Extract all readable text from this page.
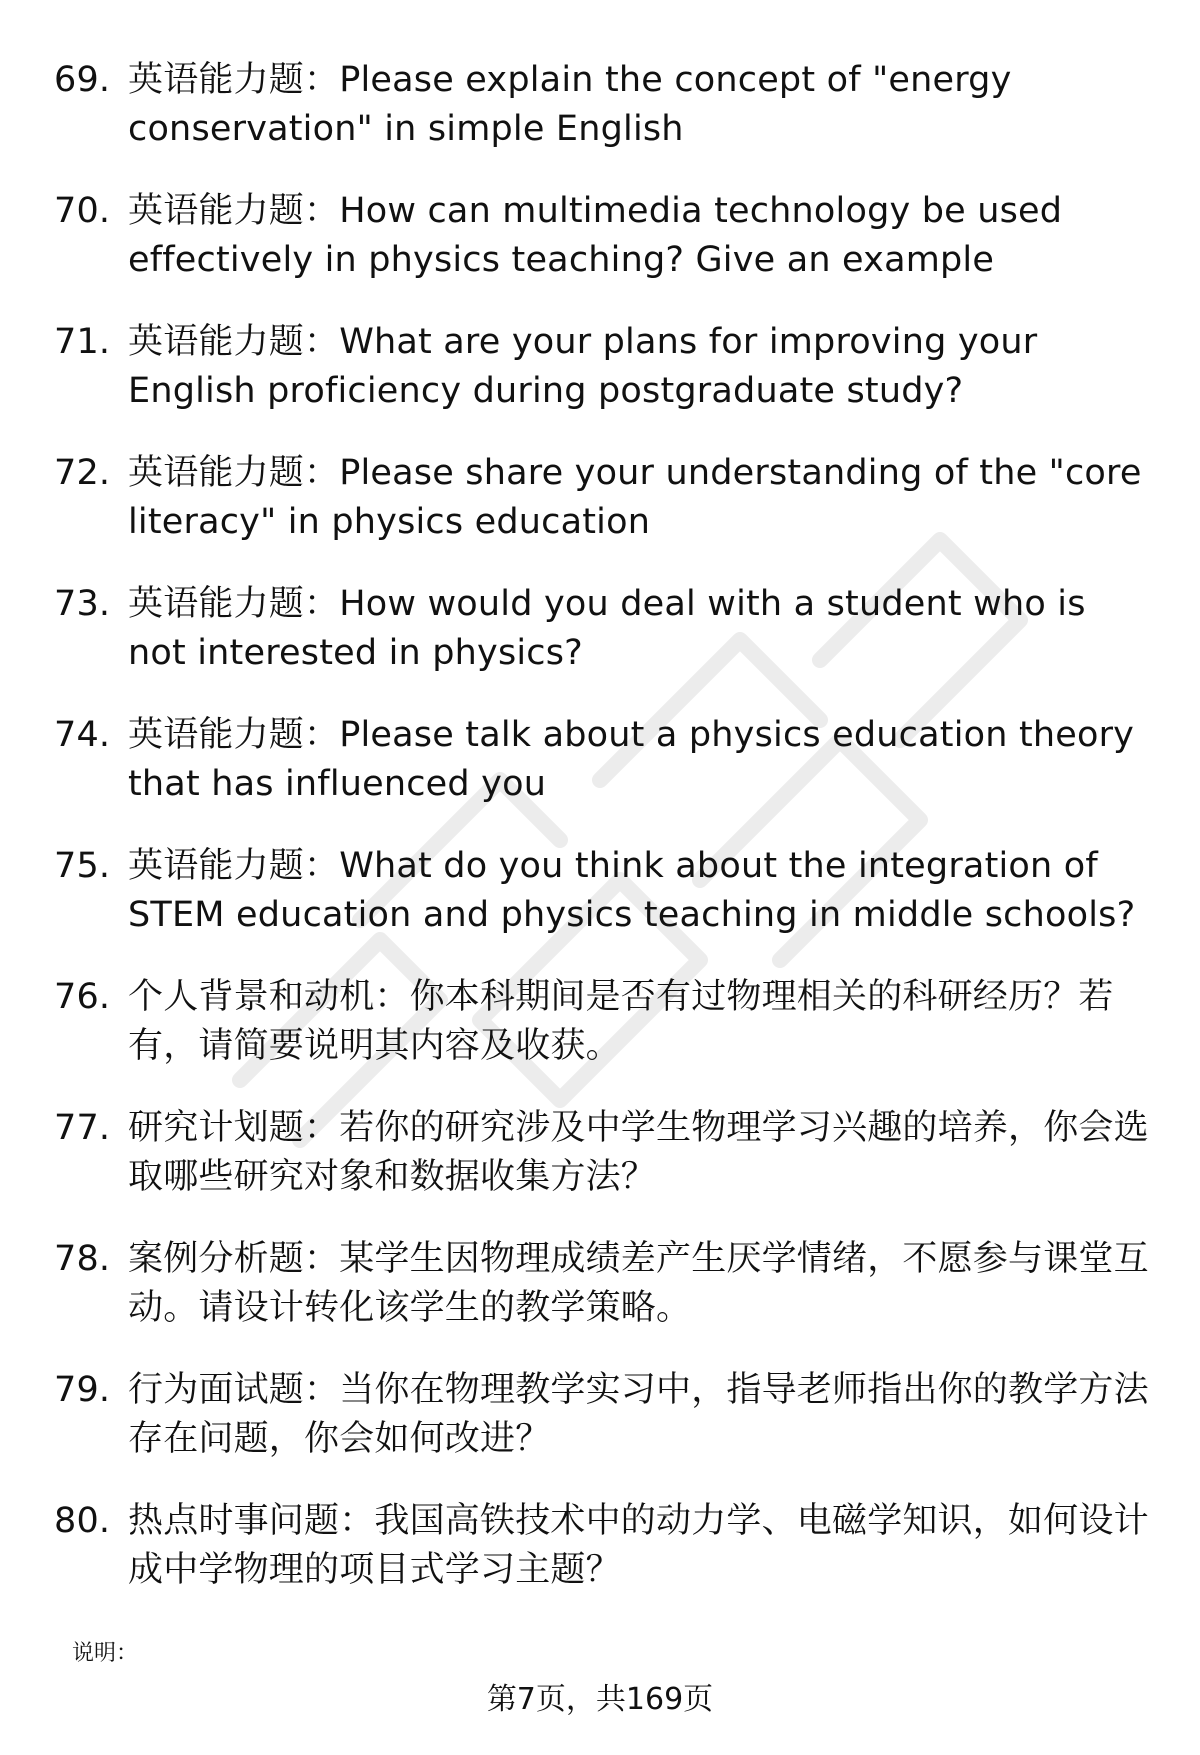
69. 英语能力题：Please explain the concept of "energy conservation" in simple English
70. 英语能力题：How can multimedia technology be used effectively in physics teaching? Give an example
71. 英语能力题：What are your plans for improving your English proficiency during postgraduate study?
72. 英语能力题：Please share your understanding of the "core literacy" in physics education
73. 英语能力题：How would you deal with a student who is not interested in physics?
74. 英语能力题：Please talk about a physics education theory that has influenced you
75. 英语能力题：What do you think about the integration of STEM education and physics teaching in middle schools?
76. 个人背景和动机：你本科期间是否有过物理相关的科研经历？若有，请简要说明其内容及收获。
77. 研究计划题：若你的研究涉及中学生物理学习兴趣的培养，你会选取哪些研究对象和数据收集方法？
78. 案例分析题：某学生因物理成绩差产生厌学情绪，不愿参与课堂互动。请设计转化该学生的教学策略。
79. 行为面试题：当你在物理教学实习中，指导老师指出你的教学方法存在问题，你会如何改进？
80. 热点时事问题：我国高铁技术中的动力学、电磁学知识，如何设计成中学物理的项目式学习主题？
说明：
第7页，共169页
